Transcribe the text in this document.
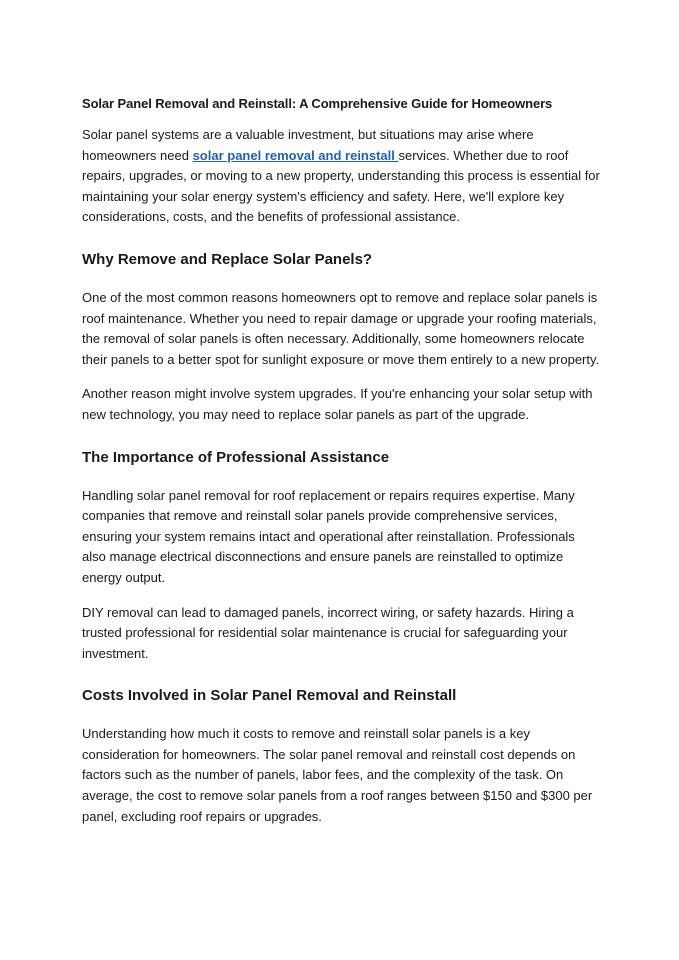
Solar Panel Removal and Reinstall: A Comprehensive Guide for Homeowners

Solar panel systems are a valuable investment, but situations may arise where homeowners need solar panel removal and reinstall services. Whether due to roof repairs, upgrades, or moving to a new property, understanding this process is essential for maintaining your solar energy system's efficiency and safety. Here, we'll explore key considerations, costs, and the benefits of professional assistance.

Why Remove and Replace Solar Panels?

One of the most common reasons homeowners opt to remove and replace solar panels is roof maintenance. Whether you need to repair damage or upgrade your roofing materials, the removal of solar panels is often necessary. Additionally, some homeowners relocate their panels to a better spot for sunlight exposure or move them entirely to a new property.

Another reason might involve system upgrades. If you're enhancing your solar setup with new technology, you may need to replace solar panels as part of the upgrade.

The Importance of Professional Assistance

Handling solar panel removal for roof replacement or repairs requires expertise. Many companies that remove and reinstall solar panels provide comprehensive services, ensuring your system remains intact and operational after reinstallation. Professionals also manage electrical disconnections and ensure panels are reinstalled to optimize energy output.

DIY removal can lead to damaged panels, incorrect wiring, or safety hazards. Hiring a trusted professional for residential solar maintenance is crucial for safeguarding your investment.

Costs Involved in Solar Panel Removal and Reinstall

Understanding how much it costs to remove and reinstall solar panels is a key consideration for homeowners. The solar panel removal and reinstall cost depends on factors such as the number of panels, labor fees, and the complexity of the task. On average, the cost to remove solar panels from a roof ranges between $150 and $300 per panel, excluding roof repairs or upgrades.
